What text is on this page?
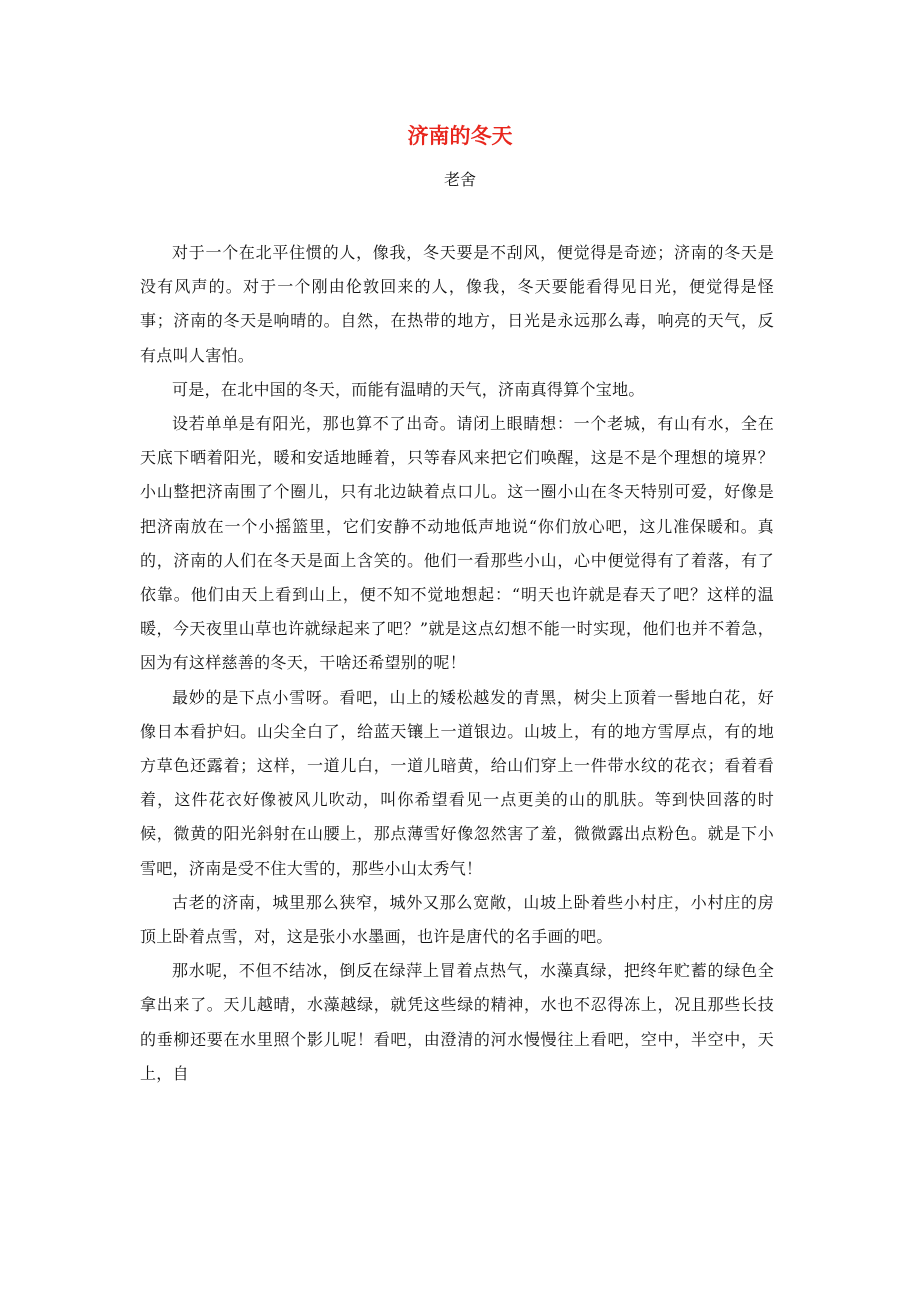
济南的冬天
老舍

对于一个在北平住惯的人，像我，冬天要是不刮风，便觉得是奇迹；济南的冬天是没有风声的。对于一个刚由伦敦回来的人，像我，冬天要能看得见日光，便觉得是怪事；济南的冬天是响晴的。自然，在热带的地方，日光是永远那么毒，响亮的天气，反有点叫人害怕。

可是，在北中国的冬天，而能有温晴的天气，济南真得算个宝地。

设若单单是有阳光，那也算不了出奇。请闭上眼睛想：一个老城，有山有水，全在天底下晒着阳光，暖和安适地睡着，只等春风来把它们唤醒，这是不是个理想的境界？小山整把济南围了个圈儿，只有北边缺着点口儿。这一圈小山在冬天特别可爱，好像是把济南放在一个小摇篮里，它们安静不动地低声地说“你们放心吧，这儿准保暖和。真的，济南的人们在冬天是面上含笑的。他们一看那些小山，心中便觉得有了着落，有了依靠。他们由天上看到山上，便不知不觉地想起：“明天也许就是春天了吧？这样的温暖，今天夜里山草也许就绿起来了吧？”就是这点幻想不能一时实现，他们也并不着急，因为有这样慈善的冬天，干啥还希望别的呢！

最妙的是下点小雪呀。看吧，山上的矮松越发的青黑，树尖上顶着一髻地白花，好像日本看护妇。山尖全白了，给蓝天镶上一道银边。山坡上，有的地方雪厚点，有的地方草色还露着；这样，一道儿白，一道儿暗黄，给山们穿上一件带水纹的花衣；看着看着，这件花衣好像被风儿吹动，叫你希望看见一点更美的山的肌肤。等到快回落的时候，微黄的阳光斜射在山腰上，那点薄雪好像忽然害了羞，微微露出点粉色。就是下小雪吧，济南是受不住大雪的，那些小山太秀气！

古老的济南，城里那么狭窄，城外又那么宽敞，山坡上卧着些小村庄，小村庄的房顶上卧着点雪，对，这是张小水墨画，也许是唐代的名手画的吧。

那水呢，不但不结冰，倒反在绿萍上冒着点热气，水藻真绿，把终年贮蓄的绿色全拿出来了。天儿越晴，水藻越绿，就凭这些绿的精神，水也不忍得冻上，况且那些长技的垂柳还要在水里照个影儿呢！看吧，由澄清的河水慢慢往上看吧，空中，半空中，天上，自
